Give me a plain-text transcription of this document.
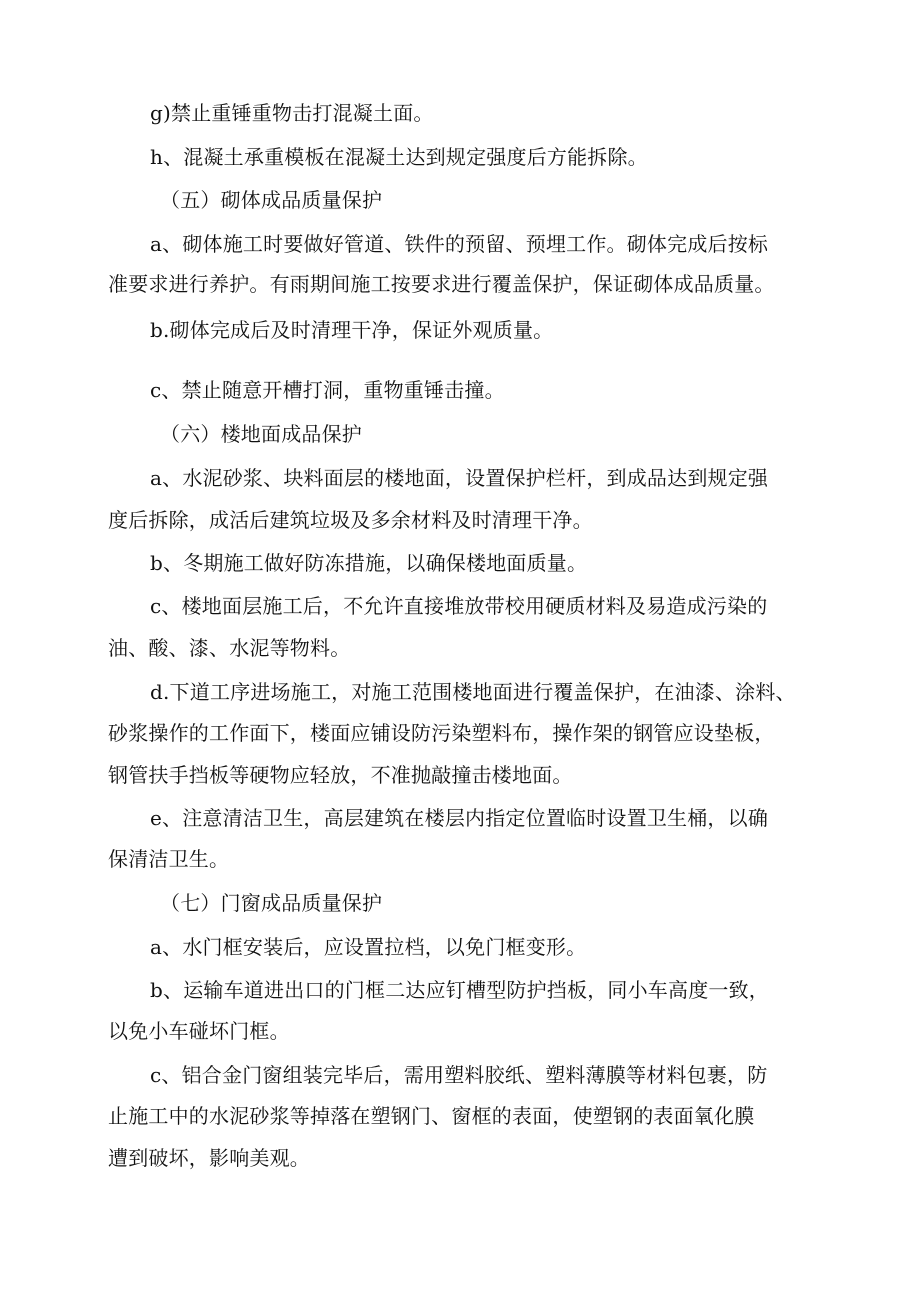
g)禁止重锤重物击打混凝土面。
h、混凝土承重模板在混凝土达到规定强度后方能拆除。
（五）砌体成品质量保护
a、砌体施工时要做好管道、铁件的预留、预埋工作。砌体完成后按标
准要求进行养护。有雨期间施工按要求进行覆盖保护，保证砌体成品质量。
b.砌体完成后及时清理干净，保证外观质量。
c、禁止随意开槽打洞，重物重锤击撞。
（六）楼地面成品保护
a、水泥砂浆、块料面层的楼地面，设置保护栏杆，到成品达到规定强
度后拆除，成活后建筑垃圾及多余材料及时清理干净。
b、冬期施工做好防冻措施，以确保楼地面质量。
c、楼地面层施工后，不允许直接堆放带校用硬质材料及易造成污染的
油、酸、漆、水泥等物料。
d.下道工序进场施工，对施工范围楼地面进行覆盖保护，在油漆、涂料、
砂浆操作的工作面下，楼面应铺设防污染塑料布，操作架的钢管应设垫板，
钢管扶手挡板等硬物应轻放，不准抛敲撞击楼地面。
e、注意清洁卫生，高层建筑在楼层内指定位置临时设置卫生桶，以确
保清洁卫生。
（七）门窗成品质量保护
a、水门框安装后，应设置拉档，以免门框变形。
b、运输车道进出口的门框二达应钉槽型防护挡板，同小车高度一致，
以免小车碰坏门框。
c、铝合金门窗组装完毕后，需用塑料胶纸、塑料薄膜等材料包裹，防
止施工中的水泥砂浆等掉落在塑钢门、窗框的表面，使塑钢的表面氧化膜
遭到破坏，影响美观。
